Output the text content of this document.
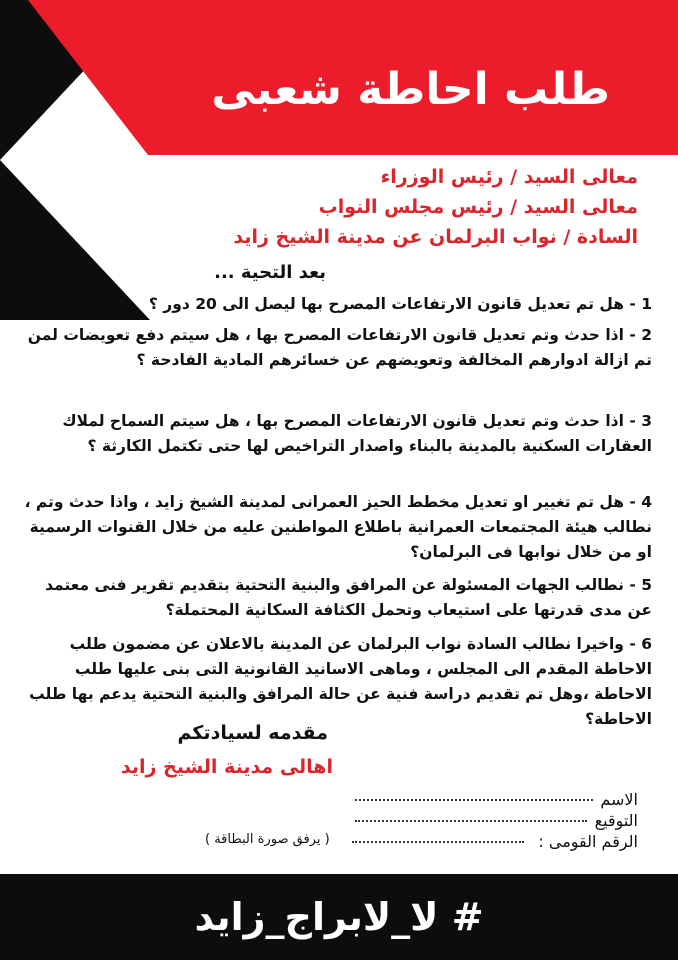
طلب احاطة شعبى
معالى السيد / رئيس الوزراء
معالى السيد / رئيس مجلس النواب
السادة / نواب البرلمان عن مدينة الشيخ زايد
بعد التحية ...
1 - هل تم تعديل قانون الارتفاعات المصرح بها ليصل الى 20 دور ؟
2 - اذا حدث وتم تعديل قانون الارتفاعات المصرح بها ، هل سيتم دفع تعويضات لمن تم ازالة ادوارهم المخالفة وتعويضهم عن خسائرهم المادية الفادحة ؟
3 - اذا حدث وتم تعديل قانون الارتفاعات المصرح بها ، هل سيتم السماح لملاك العقارات السكنية بالمدينة بالبناء واصدار التراخيص لها حتى تكتمل الكارثة ؟
4 - هل تم تغيير او تعديل مخطط الحيز العمرانى لمدينة الشيخ زايد ، واذا حدث وتم ، نطالب هيئة المجتمعات العمرانية باطلاع المواطنين عليه من خلال القنوات الرسمية او من خلال نوابها فى البرلمان؟
5 - نطالب الجهات المسئولة عن المرافق والبنية التحتية بتقديم تقرير فنى معتمد عن مدى قدرتها على استيعاب وتحمل الكثافة السكانية المحتملة؟
6 - واخيرا نطالب السادة نواب البرلمان عن المدينة بالاعلان عن مضمون طلب الاحاطة المقدم الى المجلس ، وماهى الاسانيد القانونية التى بنى عليها طلب الاحاطة ،وهل تم تقديم دراسة فنية عن حالة المرافق والبنية التحتية يدعم بها طلب الاحاطة؟
مقدمه لسيادتكم
اهالى مدينة الشيخ زايد
الاسم
التوقيع
الرقم القومى :
( يرفق صورة البطاقة )
# لا_لابراج_زايد
